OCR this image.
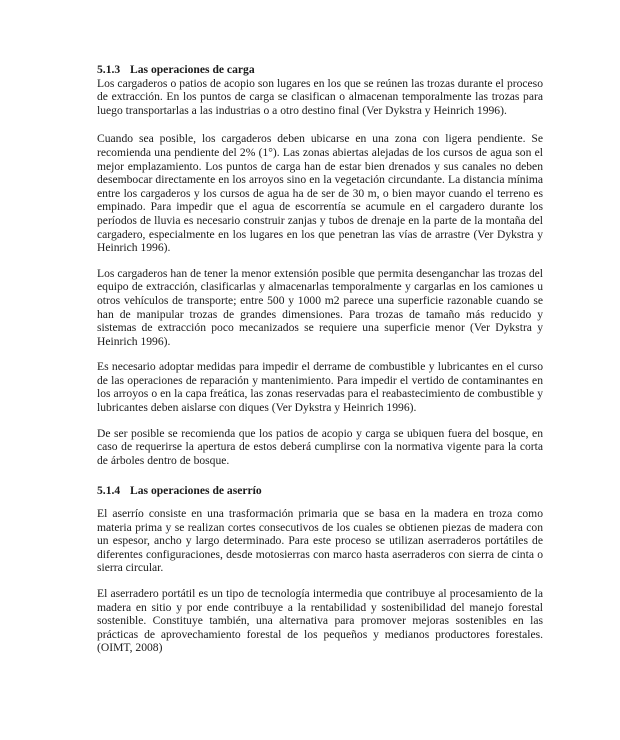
5.1.3 Las operaciones de carga

Los cargaderos o patios de acopio son lugares en los que se reúnen las trozas durante el proceso de extracción. En los puntos de carga se clasifican o almacenan temporalmente las trozas para luego transportarlas a las industrias o a otro destino final (Ver Dykstra y Heinrich 1996).

Cuando sea posible, los cargaderos deben ubicarse en una zona con ligera pendiente. Se recomienda una pendiente del 2% (1°). Las zonas abiertas alejadas de los cursos de agua son el mejor emplazamiento. Los puntos de carga han de estar bien drenados y sus canales no deben desembocar directamente en los arroyos sino en la vegetación circundante. La distancia mínima entre los cargaderos y los cursos de agua ha de ser de 30 m, o bien mayor cuando el terreno es empinado. Para impedir que el agua de escorrentía se acumule en el cargadero durante los períodos de lluvia es necesario construir zanjas y tubos de drenaje en la parte de la montaña del cargadero, especialmente en los lugares en los que penetran las vías de arrastre (Ver Dykstra y Heinrich 1996).

Los cargaderos han de tener la menor extensión posible que permita desenganchar las trozas del equipo de extracción, clasificarlas y almacenarlas temporalmente y cargarlas en los camiones u otros vehículos de transporte; entre 500 y 1000 m2 parece una superficie razonable cuando se han de manipular trozas de grandes dimensiones. Para trozas de tamaño más reducido y sistemas de extracción poco mecanizados se requiere una superficie menor (Ver Dykstra y Heinrich 1996).

Es necesario adoptar medidas para impedir el derrame de combustible y lubricantes en el curso de las operaciones de reparación y mantenimiento. Para impedir el vertido de contaminantes en los arroyos o en la capa freática, las zonas reservadas para el reabastecimiento de combustible y lubricantes deben aislarse con diques (Ver Dykstra y Heinrich 1996).

De ser posible se recomienda que los patios de acopio y carga se ubiquen fuera del bosque, en caso de requerirse la apertura de estos deberá cumplirse con la normativa vigente para la corta de árboles dentro de bosque.

5.1.4 Las operaciones de aserrío

El aserrío consiste en una trasformación primaria que se basa en la madera en troza como materia prima y se realizan cortes consecutivos de los cuales se obtienen piezas de madera con un espesor, ancho y largo determinado. Para este proceso se utilizan aserraderos portátiles de diferentes configuraciones, desde motosierras con marco hasta aserraderos con sierra de cinta o sierra circular.

El aserradero portátil es un tipo de tecnología intermedia que contribuye al procesamiento de la madera en sitio y por ende contribuye a la rentabilidad y sostenibilidad del manejo forestal sostenible. Constituye también, una alternativa para promover mejoras sostenibles en las prácticas de aprovechamiento forestal de los pequeños y medianos productores forestales. (OIMT, 2008)
